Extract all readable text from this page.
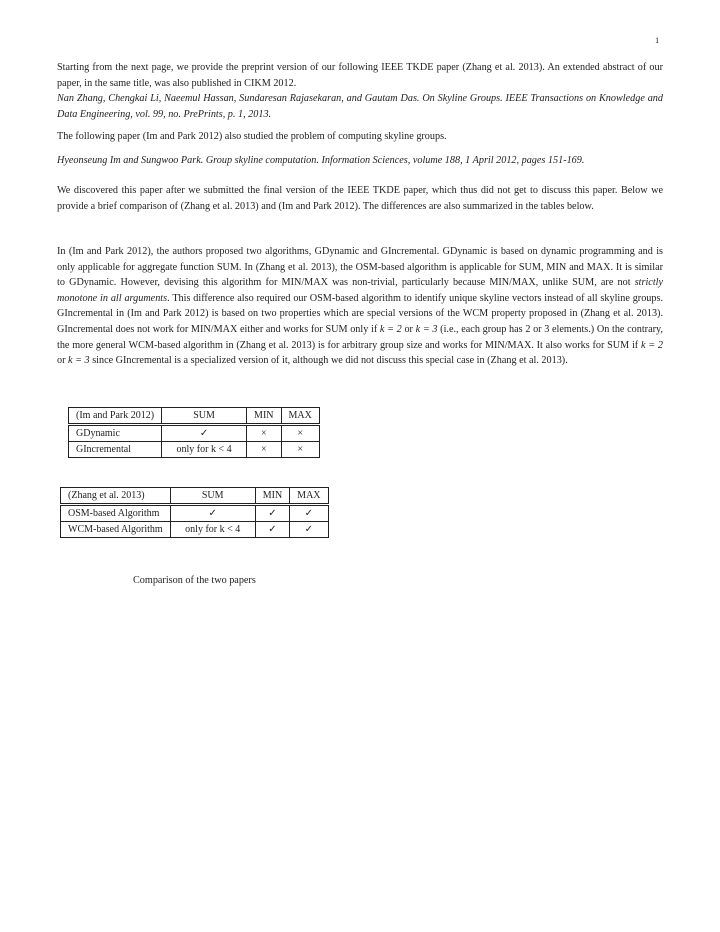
1

Starting from the next page, we provide the preprint version of our following IEEE TKDE paper (Zhang et al. 2013). An extended abstract of our paper, in the same title, was also published in CIKM 2012.

Nan Zhang, Chengkai Li, Naeemul Hassan, Sundaresan Rajasekaran, and Gautam Das. On Skyline Groups. IEEE Transactions on Knowledge and Data Engineering, vol. 99, no. PrePrints, p. 1, 2013.

The following paper (Im and Park 2012) also studied the problem of computing skyline groups.

Hyeonseung Im and Sungwoo Park. Group skyline computation. Information Sciences, volume 188, 1 April 2012, pages 151-169.

We discovered this paper after we submitted the final version of the IEEE TKDE paper, which thus did not get to discuss this paper. Below we provide a brief comparison of (Zhang et al. 2013) and (Im and Park 2012). The differences are also summarized in the tables below.

In (Im and Park 2012), the authors proposed two algorithms, GDynamic and GIncremental. GDynamic is based on dynamic programming and is only applicable for aggregate function SUM. In (Zhang et al. 2013), the OSM-based algorithm is applicable for SUM, MIN and MAX. It is similar to GDynamic. However, devising this algorithm for MIN/MAX was non-trivial, particularly because MIN/MAX, unlike SUM, are not strictly monotone in all arguments. This difference also required our OSM-based algorithm to identify unique skyline vectors instead of all skyline groups. GIncremental in (Im and Park 2012) is based on two properties which are special versions of the WCM property proposed in (Zhang et al. 2013). GIncremental does not work for MIN/MAX either and works for SUM only if k = 2 or k = 3 (i.e., each group has 2 or 3 elements.) On the contrary, the more general WCM-based algorithm in (Zhang et al. 2013) is for arbitrary group size and works for MIN/MAX. It also works for SUM if k = 2 or k = 3 since GIncremental is a specialized version of it, although we did not discuss this special case in (Zhang et al. 2013).

(Im and Park 2012)	SUM	MIN	MAX
GDynamic	✓	×	×
GIncremental	only for k < 4	×	×
(Zhang et al. 2013)	SUM	MIN	MAX
OSM-based Algorithm	✓	✓	✓
WCM-based Algorithm	only for k < 4	✓	✓
Comparison of the two papers
